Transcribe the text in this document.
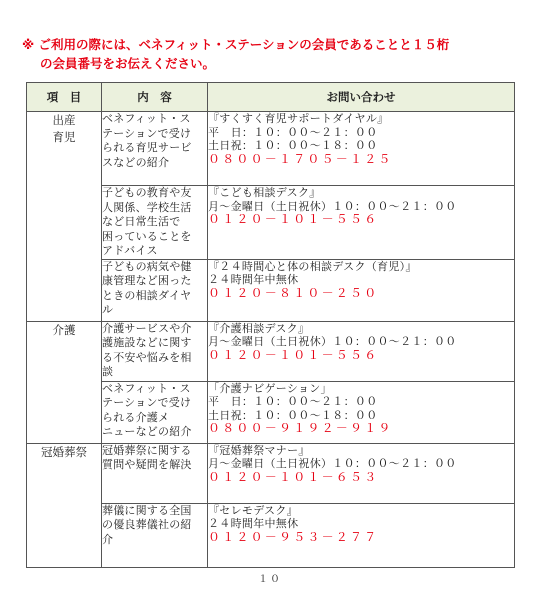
※ ご利用の際には、ベネフィット・ステーションの会員であることと１５桁
の会員番号をお伝えください。
項　目	内　容	お問い合わせ

出産
育児	ベネフィット・ス
テーションで受け
られる育児サービ
スなどの紹介	『すくすく育児サポートダイヤル』
平　日：１０：００～２１：００
土日祝：１０：００～１８：００
０８００－１７０５－１２５

	子どもの教育や友
人関係、学校生活
など日常生活で
困っていることを
アドバイス	『こども相談デスク』
月～金曜日（土日祝休）１０：００～２１：００
０１２０－１０１－５５６

	子どもの病気や健
康管理など困った
ときの相談ダイヤ
ル	『２４時間心と体の相談デスク（育児）』
２４時間年中無休
０１２０－８１０－２５０

介護	介護サービスや介
護施設などに関す
る不安や悩みを相
談	『介護相談デスク』
月～金曜日（土日祝休）１０：００～２１：００
０１２０－１０１－５５６

	ベネフィット・ス
テーションで受け
られる介護メ
ニューなどの紹介	「介護ナビゲーション」
平　日：１０：００～２１：００
土日祝：１０：００～１８：００
０８００－９１９２－９１９

冠婚葬祭	冠婚葬祭に関する
質問や疑問を解決	『冠婚葬祭マナー』
月～金曜日（土日祝休）１０：００～２１：００
０１２０－１０１－６５３

	葬儀に関する全国
の優良葬儀社の紹
介	『セレモデスク』
２４時間年中無休
０１２０－９５３－２７７
１０
